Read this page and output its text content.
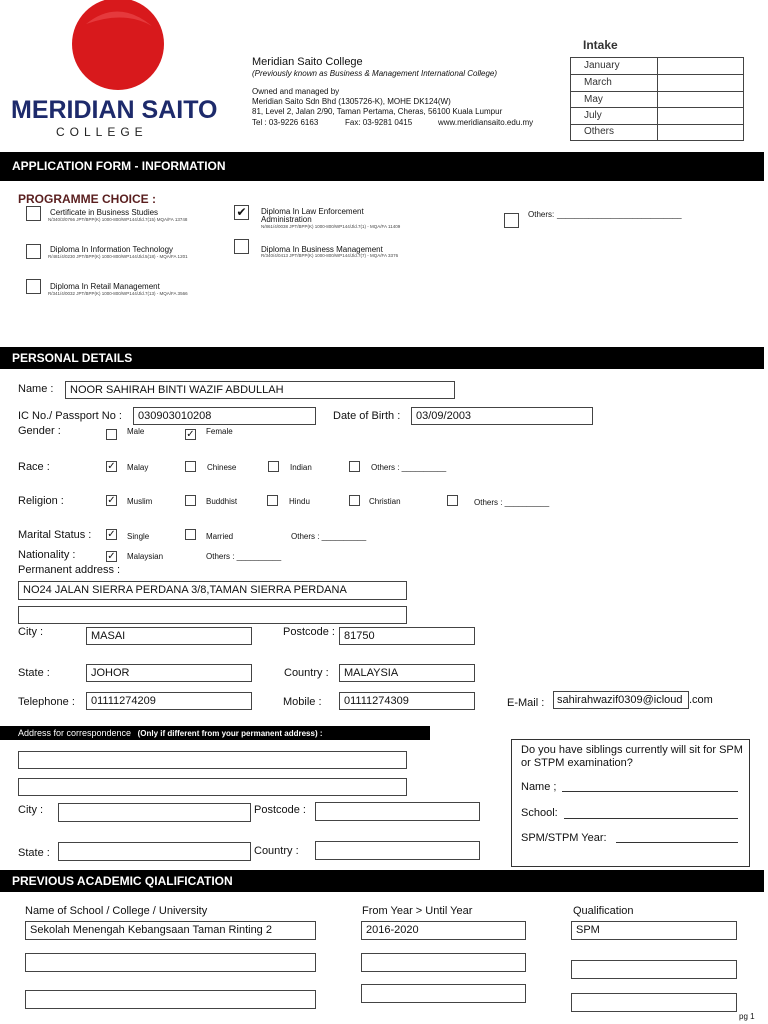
MERIDIAN SAITO
COLLEGE
Meridian Saito College
(Previously known as Business & Management International College)
Owned and managed by
Meridian Saito Sdn Bhd (1305726-K), MOHE DK124(W)
81, Level 2, Jalan 2/90, Taman Pertama, Cheras, 56100 Kuala Lumpur
Tel : 03-9226 6163	Fax: 03-9281 0415	www.meridiansaito.edu.my
Intake
January
March
May
July
Others
APPLICATION FORM - INFORMATION
PROGRAMME CHOICE :
Certificate in Business Studies
N/340/3/0766 JPT/BPP(K) 1000-800/WP144/Jld.7(15) MQA/FA 13748
✔	Diploma In Law Enforcement
Administration
N/861/4/0038 JPT/BPP(K) 1000-800/WP144/Jld.7(1) - MQA/FA 11409
Others: ____________________________
Diploma In Information Technology
R/481/4/0230 JPT/BPP(K) 1000-800/WP144/Jld.5(18) - MQA/FA 1201
Diploma In Business Management
R/340/4/0413 JPT/BPP(K) 1000-800/WP144/Jld.7(7) - MQA/FA 3376
Diploma In Retail Management
R/341/4/0032 JPT/BPP(K) 1000-800/WP144/Jld.7(13) - MQA/FA 3566
PERSONAL DETAILS
Name :	NOOR SAHIRAH BINTI WAZIF ABDULLAH
IC No./ Passport No :	030903010208	Date of Birth :	03/09/2003
Gender :	Male	✓ Female
Race :	✓ Malay	Chinese	Indian	Others : __________
Religion :	✓ Muslim	Buddhist	Hindu	Christian	Others : __________
Marital Status : ✓ Single	Married	Others : __________
Nationality :	✓ Malaysian	Others : __________
Permanent address :
NO24 JALAN SIERRA PERDANA 3/8,TAMAN SIERRA PERDANA
City :	MASAI	Postcode : 81750
State :	JOHOR	Country :	MALAYSIA
Telephone :	01111274209	Mobile :	01111274309	E-Mail :	sahirahwazif0309@icloud .com
Address for correspondence (Only if different from your permanent address) :
City :	Postcode :
State :	Country :
Do you have siblings currently will sit for SPM or STPM examination?
Name ;
School:
SPM/STPM Year:
PREVIOUS ACADEMIC QIALIFICATION
Name of School / College / University	From Year > Until Year	Qualification
Sekolah Menengah Kebangsaan Taman Rinting 2	2016-2020	SPM
pg 1
